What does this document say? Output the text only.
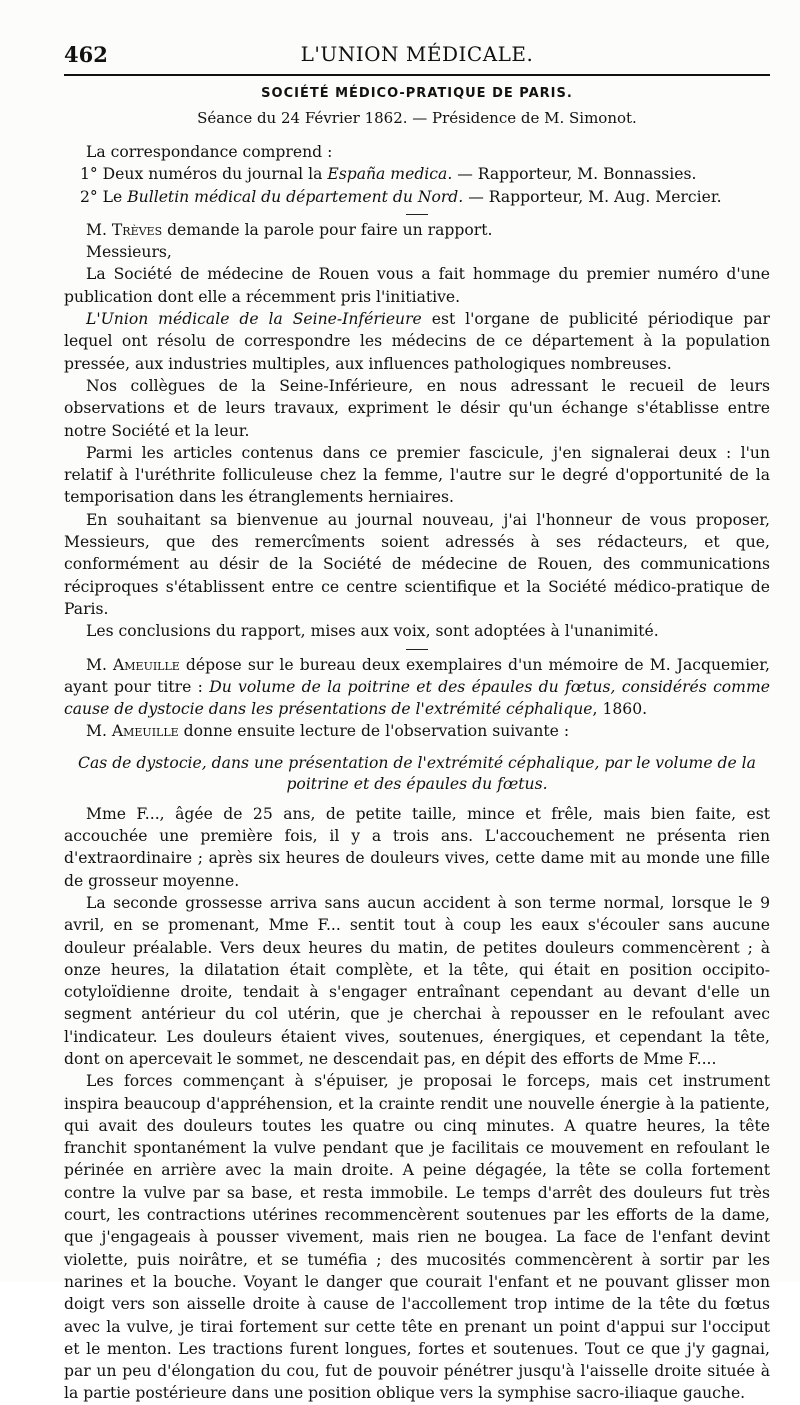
462	L'UNION MÉDICALE.
SOCIÉTÉ MÉDICO-PRATIQUE DE PARIS.
Séance du 24 Février 1862. — Présidence de M. Simonot.

La correspondance comprend :

1° Deux numéros du journal la España medica. — Rapporteur, M. Bonnassies.

2° Le Bulletin médical du département du Nord. — Rapporteur, M. Aug. Mercier.

M. Trèves demande la parole pour faire un rapport.

Messieurs,

La Société de médecine de Rouen vous a fait hommage du premier numéro d'une publication dont elle a récemment pris l'initiative.

L'Union médicale de la Seine-Inférieure est l'organe de publicité périodique par lequel ont résolu de correspondre les médecins de ce département à la population pressée, aux industries multiples, aux influences pathologiques nombreuses.

Nos collègues de la Seine-Inférieure, en nous adressant le recueil de leurs observations et de leurs travaux, expriment le désir qu'un échange s'établisse entre notre Société et la leur.

Parmi les articles contenus dans ce premier fascicule, j'en signalerai deux : l'un relatif à l'uréthrite folliculeuse chez la femme, l'autre sur le degré d'opportunité de la temporisation dans les étranglements herniaires.

En souhaitant sa bienvenue au journal nouveau, j'ai l'honneur de vous proposer, Messieurs, que des remercîments soient adressés à ses rédacteurs, et que, conformément au désir de la Société de médecine de Rouen, des communications réciproques s'établissent entre ce centre scientifique et la Société médico-pratique de Paris.

Les conclusions du rapport, mises aux voix, sont adoptées à l'unanimité.

M. Ameuille dépose sur le bureau deux exemplaires d'un mémoire de M. Jacquemier, ayant pour titre : Du volume de la poitrine et des épaules du fœtus, considérés comme cause de dystocie dans les présentations de l'extrémité céphalique, 1860.

M. Ameuille donne ensuite lecture de l'observation suivante :

Cas de dystocie, dans une présentation de l'extrémité céphalique, par le volume de la poitrine et des épaules du fœtus.

Mme F..., âgée de 25 ans, de petite taille, mince et frêle, mais bien faite, est accouchée une première fois, il y a trois ans. L'accouchement ne présenta rien d'extraordinaire ; après six heures de douleurs vives, cette dame mit au monde une fille de grosseur moyenne.

La seconde grossesse arriva sans aucun accident à son terme normal, lorsque le 9 avril, en se promenant, Mme F... sentit tout à coup les eaux s'écouler sans aucune douleur préalable. Vers deux heures du matin, de petites douleurs commencèrent ; à onze heures, la dilatation était complète, et la tête, qui était en position occipito-cotyloïdienne droite, tendait à s'engager entraînant cependant au devant d'elle un segment antérieur du col utérin, que je cherchai à repousser en le refoulant avec l'indicateur. Les douleurs étaient vives, soutenues, énergiques, et cependant la tête, dont on apercevait le sommet, ne descendait pas, en dépit des efforts de Mme F....

Les forces commençant à s'épuiser, je proposai le forceps, mais cet instrument inspira beaucoup d'appréhension, et la crainte rendit une nouvelle énergie à la patiente, qui avait des douleurs toutes les quatre ou cinq minutes. A quatre heures, la tête franchit spontanément la vulve pendant que je facilitais ce mouvement en refoulant le périnée en arrière avec la main droite. A peine dégagée, la tête se colla fortement contre la vulve par sa base, et resta immobile. Le temps d'arrêt des douleurs fut très court, les contractions utérines recommencèrent soutenues par les efforts de la dame, que j'engageais à pousser vivement, mais rien ne bougea. La face de l'enfant devint violette, puis noirâtre, et se tuméfia ; des mucosités commencèrent à sortir par les narines et la bouche. Voyant le danger que courait l'enfant et ne pouvant glisser mon doigt vers son aisselle droite à cause de l'accollement trop intime de la tête du fœtus avec la vulve, je tirai fortement sur cette tête en prenant un point d'appui sur l'occiput et le menton. Les tractions furent longues, fortes et soutenues. Tout ce que j'y gagnai, par un peu d'élongation du cou, fut de pouvoir pénétrer jusqu'à l'aisselle droite située à la partie postérieure dans une position oblique vers la symphise sacro-iliaque gauche.
